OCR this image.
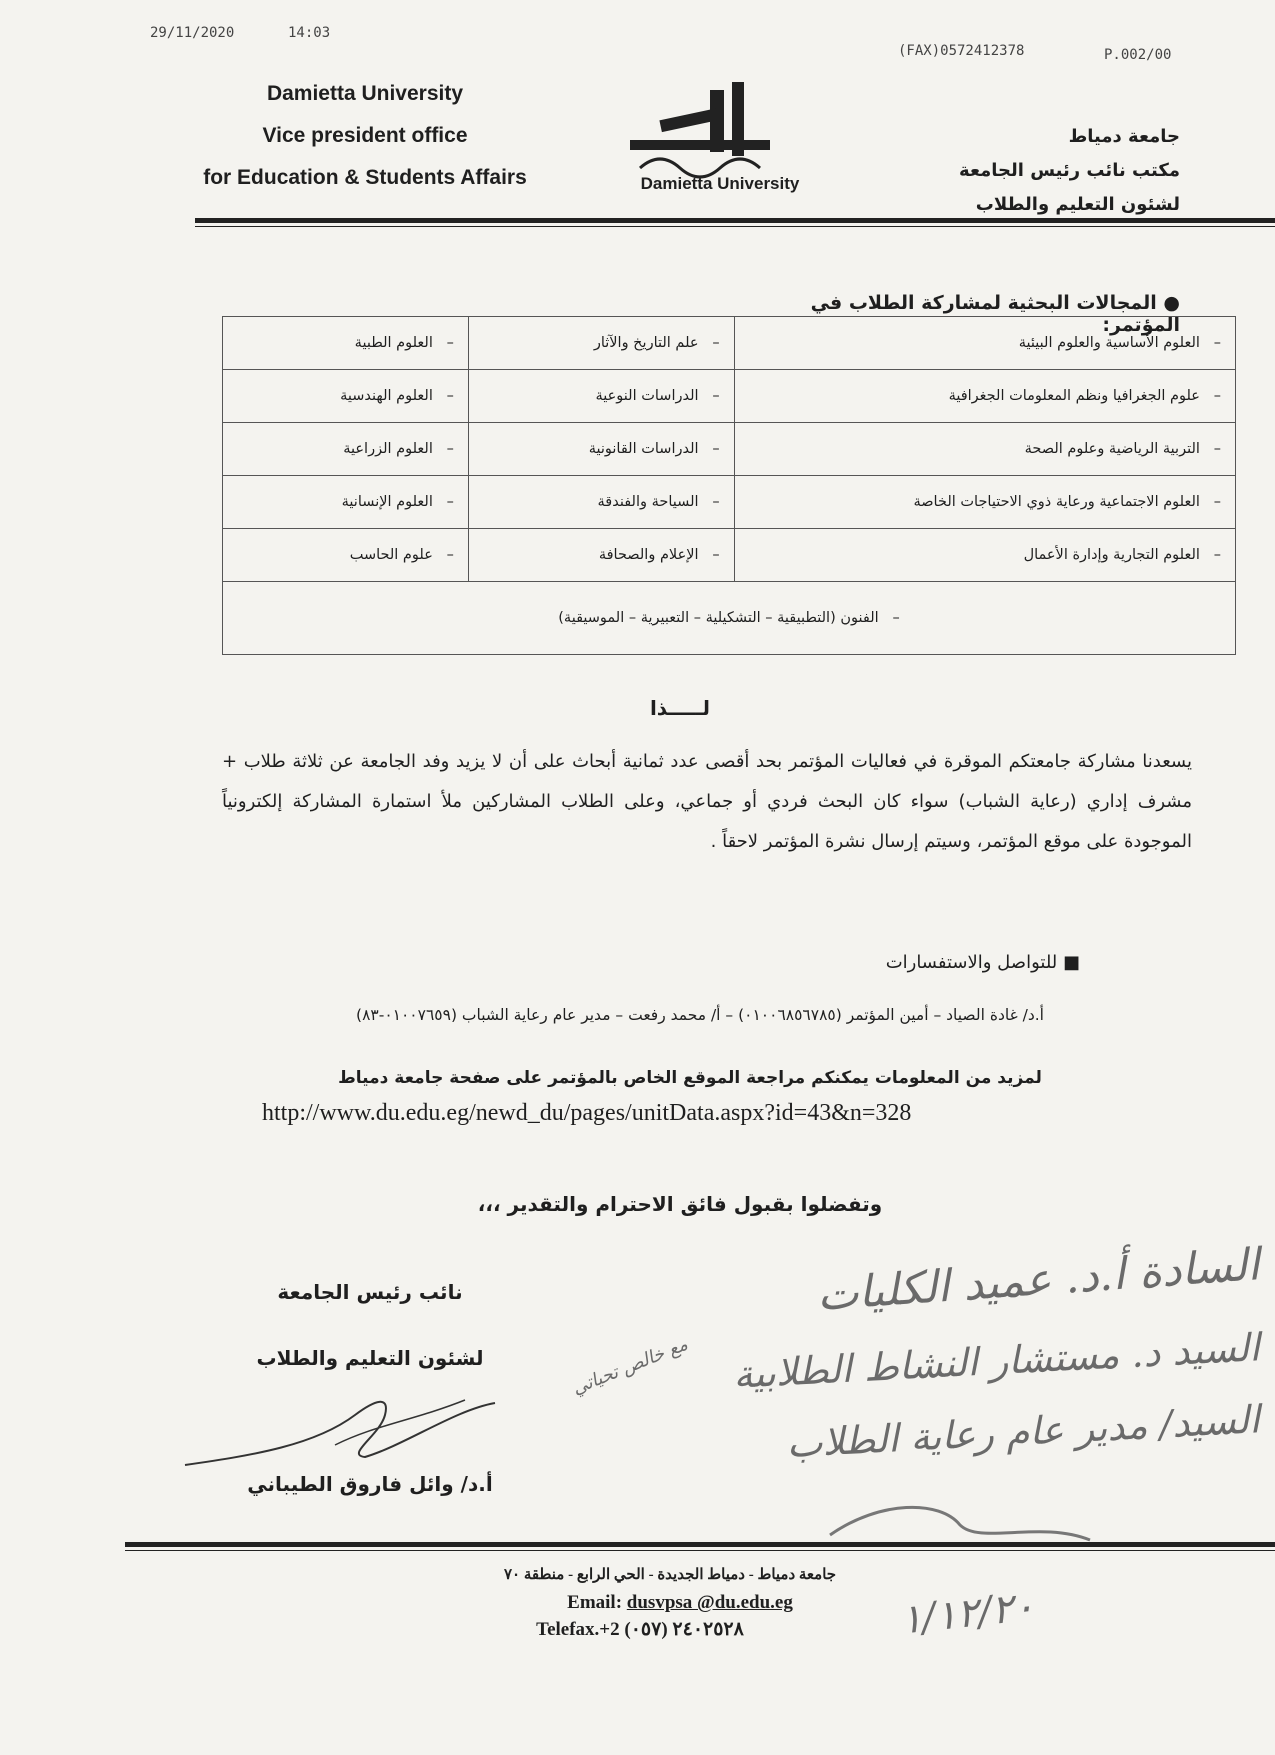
29/11/2020	14:03
(FAX)0572412378	P.002/00
Damietta University
Vice president office
for Education & Students Affairs	Damietta University
جامعة دمياط
مكتب نائب رئيس الجامعة
لشئون التعليم والطلاب
● المجالات البحثية لمشاركة الطلاب في المؤتمر:
–   العلوم الأساسية والعلوم البيئية	–   علم التاريخ والآثار	–   العلوم الطبية
–   علوم الجغرافيا ونظم المعلومات الجغرافية	–   الدراسات النوعية	–   العلوم الهندسية
–   التربية الرياضية وعلوم الصحة	–   الدراسات القانونية	–   العلوم الزراعية
–   العلوم الاجتماعية ورعاية ذوي الاحتياجات الخاصة	–   السياحة والفندقة	–   العلوم الإنسانية
–   العلوم التجارية وإدارة الأعمال	–   الإعلام والصحافة	–   علوم الحاسب
–   الفنون (التطبيقية – التشكيلية – التعبيرية – الموسيقية)		
لـــــذا
يسعدنا مشاركة جامعتكم الموقرة في فعاليات المؤتمر بحد أقصى عدد ثمانية أبحاث على أن لا يزيد وفد الجامعة عن ثلاثة طلاب + مشرف إداري (رعاية الشباب) سواء كان البحث فردي أو جماعي، وعلى الطلاب المشاركين ملأ استمارة المشاركة إلكترونياً الموجودة على موقع المؤتمر، وسيتم إرسال نشرة المؤتمر لاحقاً .
■ للتواصل والاستفسارات
أ.د/ غادة الصياد – أمين المؤتمر (٠١٠٠٦٨٥٦٧٨٥) – أ/ محمد رفعت – مدير عام رعاية الشباب (٠١٠٠٧٦٥٩-٨٣)
لمزيد من المعلومات يمكنكم مراجعة الموقع الخاص بالمؤتمر على صفحة جامعة دمياط
http://www.du.edu.eg/newd_du/pages/unitData.aspx?id=43&n=328
وتفضلوا بقبول فائق الاحترام والتقدير ،،،
نائب رئيس الجامعة
لشئون التعليم والطلاب
أ.د/ وائل فاروق الطيباني
السادة أ.د. عميد الكليات
السيد د. مستشار النشاط الطلابية
السيد/ مدير عام رعاية الطلاب
مع خالص تحياتي
جامعة دمياط - دمياط الجديدة - الحي الرابع - منطقة ٧٠
Email: dusvpsa @du.edu.eg
Telefax.+2 (٠٥٧) ٢٤٠٢٥٢٨	١/١٢/٢٠
